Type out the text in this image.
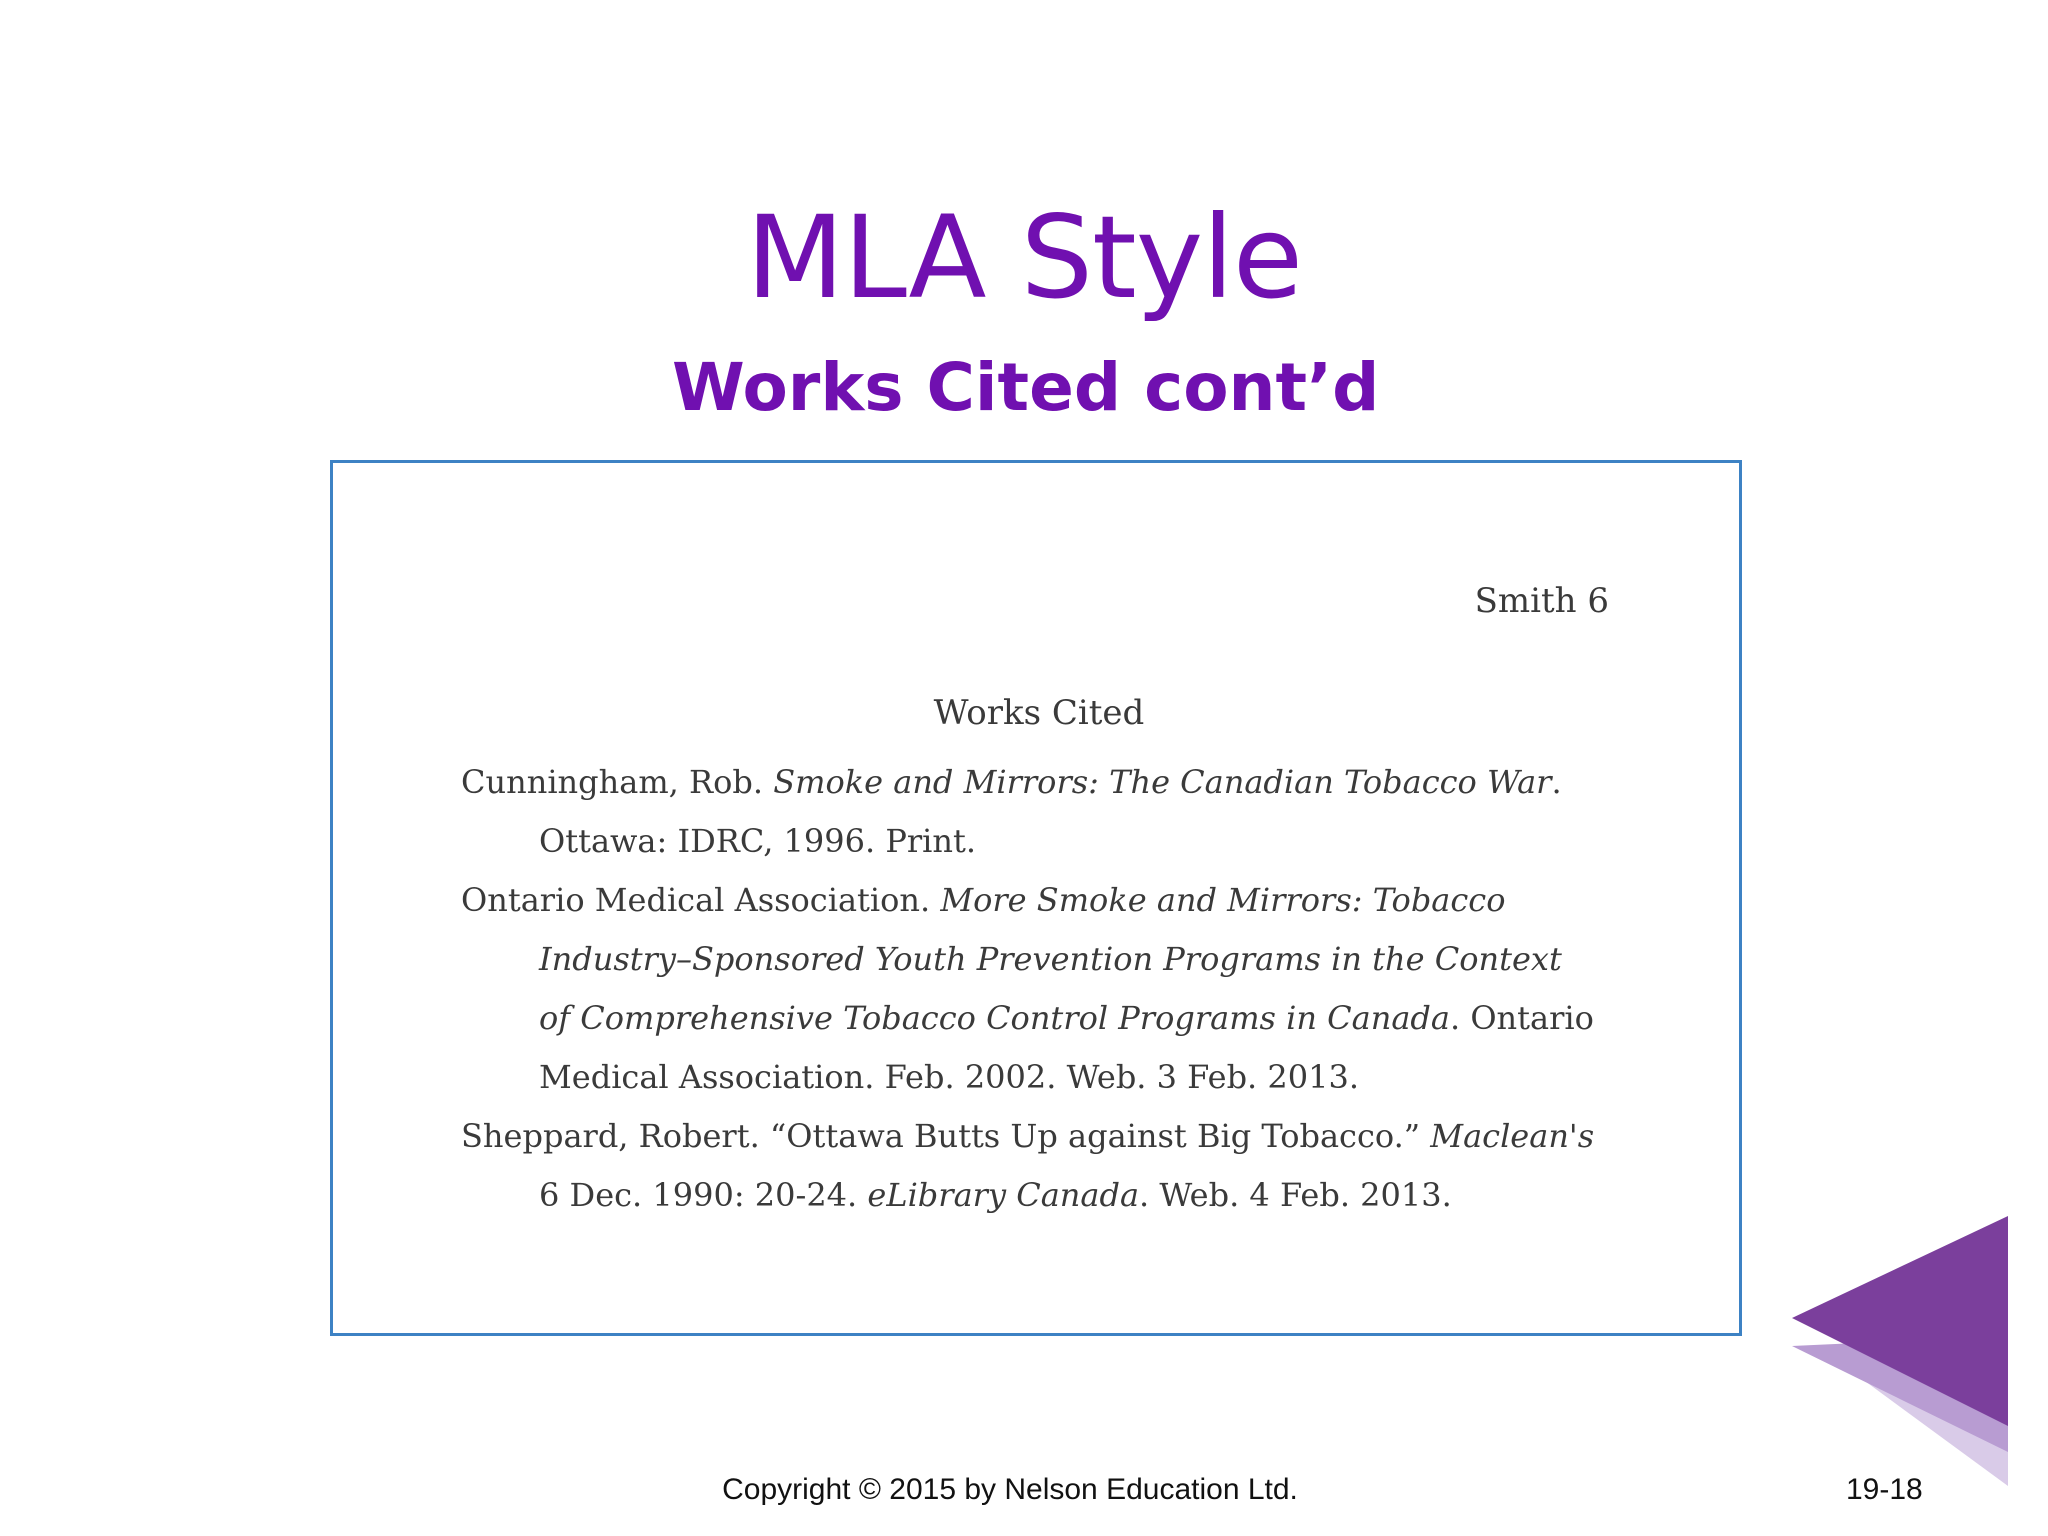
MLA Style
Works Cited cont’d
Smith 6
Works Cited
Cunningham, Rob. Smoke and Mirrors: The Canadian Tobacco War. Ottawa: IDRC, 1996. Print.
Ontario Medical Association. More Smoke and Mirrors: Tobacco Industry–Sponsored Youth Prevention Programs in the Context of Comprehensive Tobacco Control Programs in Canada. Ontario Medical Association. Feb. 2002. Web. 3 Feb. 2013.
Sheppard, Robert. “Ottawa Butts Up against Big Tobacco.” Maclean's 6 Dec. 1990: 20-24. eLibrary Canada. Web. 4 Feb. 2013.
Copyright © 2015 by Nelson Education Ltd.	19-18
